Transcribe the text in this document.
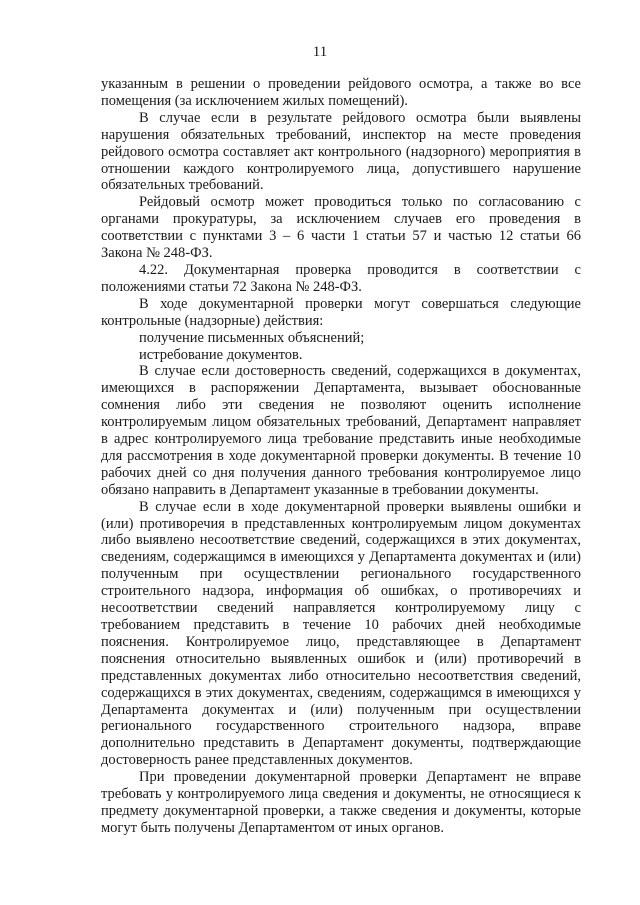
11

указанным в решении о проведении рейдового осмотра, а также во все помещения (за исключением жилых помещений).

В случае если в результате рейдового осмотра были выявлены нарушения обязательных требований, инспектор на месте проведения рейдового осмотра составляет акт контрольного (надзорного) мероприятия в отношении каждого контролируемого лица, допустившего нарушение обязательных требований.

Рейдовый осмотр может проводиться только по согласованию с органами прокуратуры, за исключением случаев его проведения в соответствии с пунктами 3 – 6 части 1 статьи 57 и частью 12 статьи 66 Закона № 248-ФЗ.

4.22. Документарная проверка проводится в соответствии с положениями статьи 72 Закона № 248-ФЗ.

В ходе документарной проверки могут совершаться следующие контрольные (надзорные) действия:

получение письменных объяснений;

истребование документов.

В случае если достоверность сведений, содержащихся в документах, имеющихся в распоряжении Департамента, вызывает обоснованные сомнения либо эти сведения не позволяют оценить исполнение контролируемым лицом обязательных требований, Департамент направляет в адрес контролируемого лица требование представить иные необходимые для рассмотрения в ходе документарной проверки документы. В течение 10 рабочих дней со дня получения данного требования контролируемое лицо обязано направить в Департамент указанные в требовании документы.

В случае если в ходе документарной проверки выявлены ошибки и (или) противоречия в представленных контролируемым лицом документах либо выявлено несоответствие сведений, содержащихся в этих документах, сведениям, содержащимся в имеющихся у Департамента документах и (или) полученным при осуществлении регионального государственного строительного надзора, информация об ошибках, о противоречиях и несоответствии сведений направляется контролируемому лицу с требованием представить в течение 10 рабочих дней необходимые пояснения. Контролируемое лицо, представляющее в Департамент пояснения относительно выявленных ошибок и (или) противоречий в представленных документах либо относительно несоответствия сведений, содержащихся в этих документах, сведениям, содержащимся в имеющихся у Департамента документах и (или) полученным при осуществлении регионального государственного строительного надзора, вправе дополнительно представить в Департамент документы, подтверждающие достоверность ранее представленных документов.

При проведении документарной проверки Департамент не вправе требовать у контролируемого лица сведения и документы, не относящиеся к предмету документарной проверки, а также сведения и документы, которые могут быть получены Департаментом от иных органов.
